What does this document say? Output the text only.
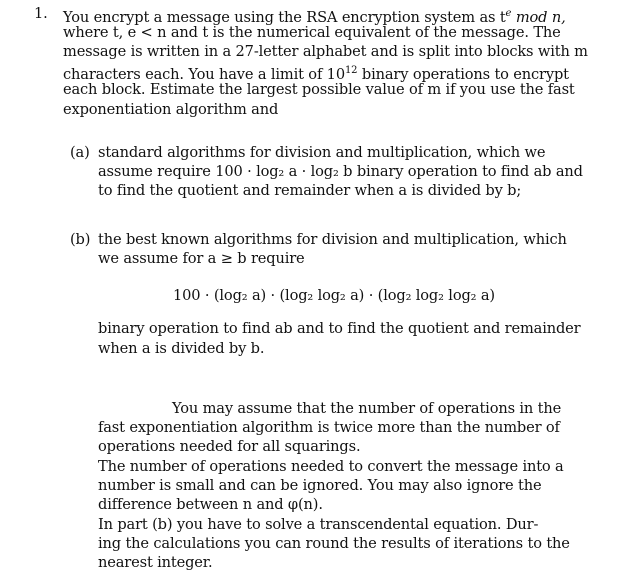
1. You encrypt a message using the RSA encryption system as $t^e$ mod n,
where t, e < n and t is the numerical equivalent of the message. The
message is written in a 27-letter alphabet and is split into blocks with m
characters each. You have a limit of $10^{12}$ binary operations to encrypt
each block. Estimate the largest possible value of m if you use the fast
exponentiation algorithm and
(a) standard algorithms for division and multiplication, which we
assume require 100 · log₂ a · log₂ b binary operation to find ab and
to find the quotient and remainder when a is divided by b;
(b) the best known algorithms for division and multiplication, which
we assume for a ≥ b require
100 · (log₂ a) · (log₂ log₂ a) · (log₂ log₂ log₂ a)
binary operation to find ab and to find the quotient and remainder
when a is divided by b.
You may assume that the number of operations in the
fast exponentiation algorithm is twice more than the number of
operations needed for all squarings.
The number of operations needed to convert the message into a
number is small and can be ignored. You may also ignore the
difference between n and φ(n).
In part (b) you have to solve a transcendental equation. Dur-
ing the calculations you can round the results of iterations to the
nearest integer.
